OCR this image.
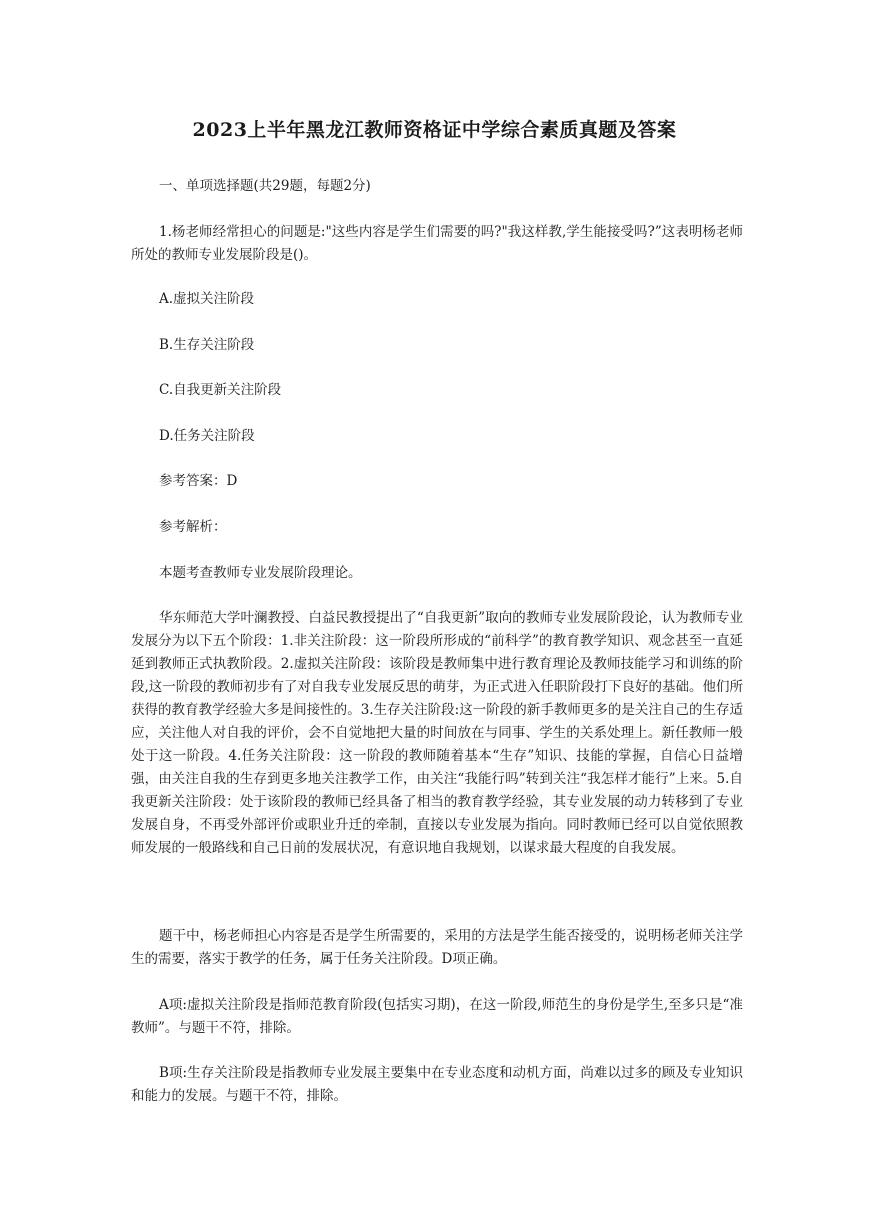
2023上半年黑龙江教师资格证中学综合素质真题及答案

一、单项选择题(共29题，每题2分)

1.杨老师经常担心的问题是:"这些内容是学生们需要的吗?"我这样教,学生能接受吗?”这表明杨老师所处的教师专业发展阶段是()。

A.虚拟关注阶段

B.生存关注阶段

C.自我更新关注阶段

D.任务关注阶段

参考答案：D

参考解析：

本题考查教师专业发展阶段理论。

华东师范大学叶澜教授、白益民教授提出了“自我更新”取向的教师专业发展阶段论，认为教师专业发展分为以下五个阶段：1.非关注阶段：这一阶段所形成的“前科学”的教育教学知识、观念甚至一直延延到教师正式执教阶段。2.虚拟关注阶段：该阶段是教师集中进行教育理论及教师技能学习和训练的阶段,这一阶段的教师初步有了对自我专业发展反思的萌芽，为正式进入任职阶段打下良好的基础。他们所获得的教育教学经验大多是间接性的。3.生存关注阶段:这一阶段的新手教师更多的是关注自己的生存适应，关注他人对自我的评价，会不自觉地把大量的时间放在与同事、学生的关系处理上。新任教师一般处于这一阶段。4.任务关注阶段：这一阶段的教师随着基本“生存”知识、技能的掌握，自信心日益增强，由关注自我的生存到更多地关注教学工作，由关注“我能行吗”转到关注“我怎样才能行”上来。5.自我更新关注阶段：处于该阶段的教师已经具备了相当的教育教学经验，其专业发展的动力转移到了专业发展自身，不再受外部评价或职业升迁的牵制，直接以专业发展为指向。同时教师已经可以自觉依照教师发展的一般路线和自己日前的发展状况，有意识地自我规划，以谋求最大程度的自我发展。

题干中，杨老师担心内容是否是学生所需要的，采用的方法是学生能否接受的，说明杨老师关注学生的需要，落实于教学的任务，属于任务关注阶段。D项正确。

A项:虚拟关注阶段是指师范教育阶段(包括实习期)，在这一阶段,师范生的身份是学生,至多只是“准教师”。与题干不符，排除。

B项:生存关注阶段是指教师专业发展主要集中在专业态度和动机方面，尚难以过多的顾及专业知识和能力的发展。与题干不符，排除。
